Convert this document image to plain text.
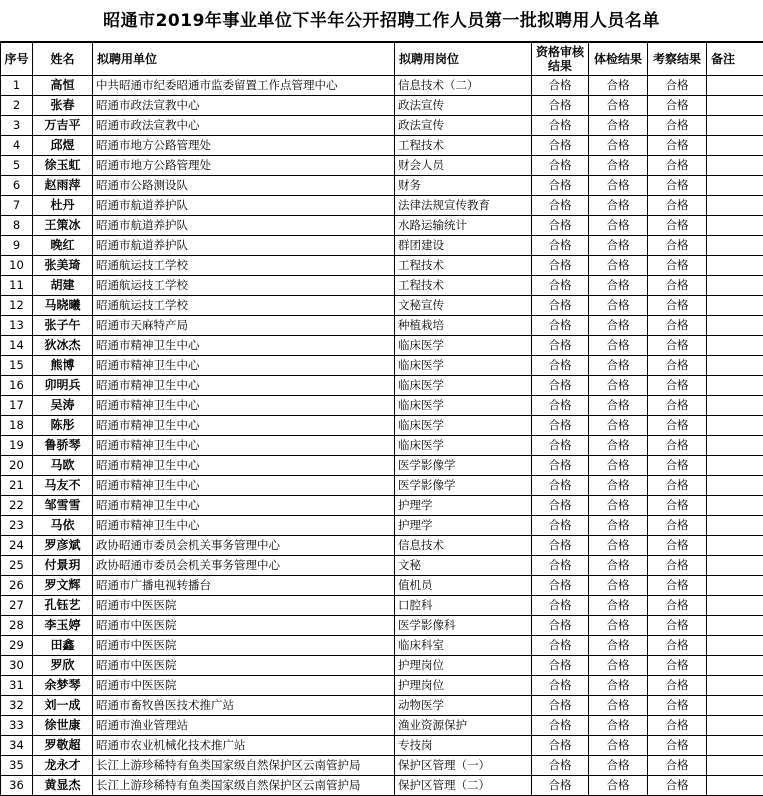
昭通市2019年事业单位下半年公开招聘工作人员第一批拟聘用人员名单
序号	姓名	拟聘用单位	拟聘用岗位	资格审核结果	体检结果	考察结果	备注
1	高恒	中共昭通市纪委昭通市监委留置工作点管理中心	信息技术（二）	合格	合格	合格	
2	张春	昭通市政法宣教中心	政法宣传	合格	合格	合格	
3	万吉平	昭通市政法宣教中心	政法宣传	合格	合格	合格	
4	邱煜	昭通市地方公路管理处	工程技术	合格	合格	合格	
5	徐玉虹	昭通市地方公路管理处	财会人员	合格	合格	合格	
6	赵雨萍	昭通市公路测设队	财务	合格	合格	合格	
7	杜丹	昭通市航道养护队	法律法规宣传教育	合格	合格	合格	
8	王策冰	昭通市航道养护队	水路运输统计	合格	合格	合格	
9	晚红	昭通市航道养护队	群团建设	合格	合格	合格	
10	张美琦	昭通航运技工学校	工程技术	合格	合格	合格	
11	胡建	昭通航运技工学校	工程技术	合格	合格	合格	
12	马晓曦	昭通航运技工学校	文秘宣传	合格	合格	合格	
13	张子午	昭通市天麻特产局	种植栽培	合格	合格	合格	
14	狄冰杰	昭通市精神卫生中心	临床医学	合格	合格	合格	
15	熊博	昭通市精神卫生中心	临床医学	合格	合格	合格	
16	卯明兵	昭通市精神卫生中心	临床医学	合格	合格	合格	
17	吴涛	昭通市精神卫生中心	临床医学	合格	合格	合格	
18	陈彤	昭通市精神卫生中心	临床医学	合格	合格	合格	
19	鲁骄琴	昭通市精神卫生中心	临床医学	合格	合格	合格	
20	马欧	昭通市精神卫生中心	医学影像学	合格	合格	合格	
21	马友不	昭通市精神卫生中心	医学影像学	合格	合格	合格	
22	邹雪雪	昭通市精神卫生中心	护理学	合格	合格	合格	
23	马依	昭通市精神卫生中心	护理学	合格	合格	合格	
24	罗彦斌	政协昭通市委员会机关事务管理中心	信息技术	合格	合格	合格	
25	付景玥	政协昭通市委员会机关事务管理中心	文秘	合格	合格	合格	
26	罗文辉	昭通市广播电视转播台	值机员	合格	合格	合格	
27	孔钰艺	昭通市中医医院	口腔科	合格	合格	合格	
28	李玉婷	昭通市中医医院	医学影像科	合格	合格	合格	
29	田鑫	昭通市中医医院	临床科室	合格	合格	合格	
30	罗欣	昭通市中医医院	护理岗位	合格	合格	合格	
31	余梦琴	昭通市中医医院	护理岗位	合格	合格	合格	
32	刘一成	昭通市畜牧兽医技术推广站	动物医学	合格	合格	合格	
33	徐世康	昭通市渔业管理站	渔业资源保护	合格	合格	合格	
34	罗敬超	昭通市农业机械化技术推广站	专技岗	合格	合格	合格	
35	龙永才	长江上游珍稀特有鱼类国家级自然保护区云南管护局	保护区管理（一）	合格	合格	合格	
36	黄显杰	长江上游珍稀特有鱼类国家级自然保护区云南管护局	保护区管理（二）	合格	合格	合格	
